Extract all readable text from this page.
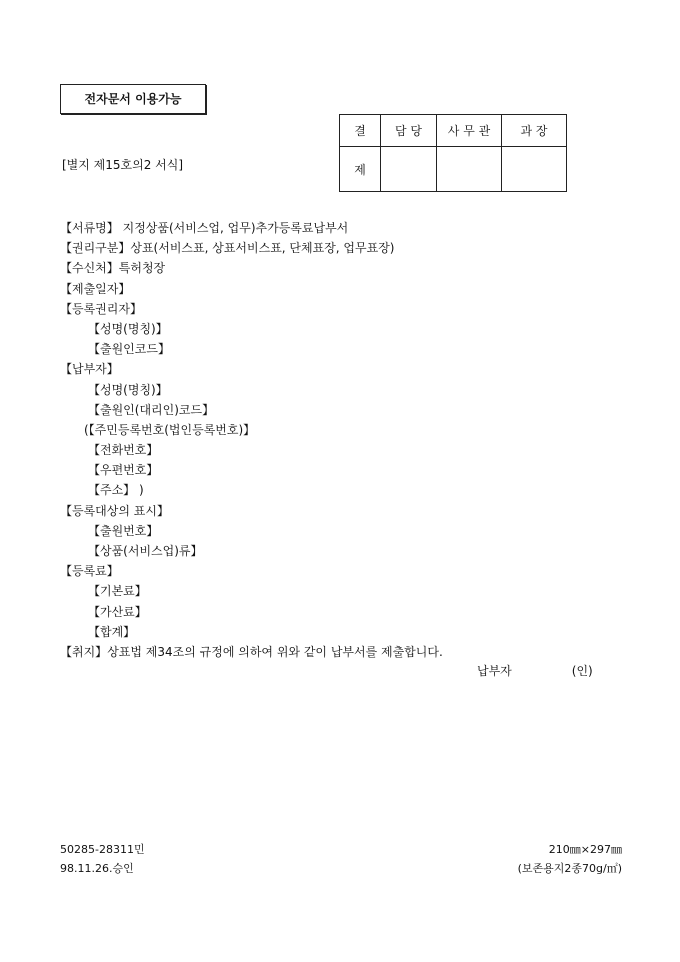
전자문서 이용가능
[별지 제15호의2 서식]
결	담 당	사 무 관	과 장
제			
【서류명】 지정상품(서비스업, 업무)추가등록료납부서
【권리구분】상표(서비스표, 상표서비스표, 단체표장, 업무표장)
【수신처】특허청장
【제출일자】
【등록권리자】
【성명(명칭)】
【출원인코드】
【납부자】
【성명(명칭)】
【출원인(대리인)코드】
(【주민등록번호(법인등록번호)】
【전화번호】
【우편번호】
【주소】 )
【등록대상의 표시】
【출원번호】
【상품(서비스업)류】
【등록료】
【기본료】
【가산료】
【합계】
【취지】상표법 제34조의 규정에 의하여 위와 같이 납부서를 제출합니다.
납부자	(인)
50285-28311민
98.11.26.승인
210㎜×297㎜
(보존용지2종70g/㎡)
